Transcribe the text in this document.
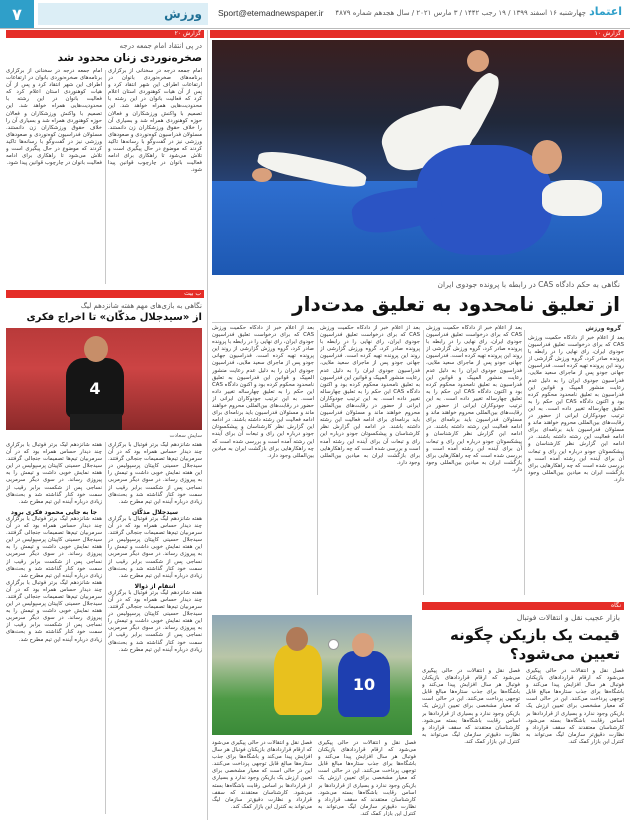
۷	ورزش	Sport@etemadnewspaper.ir چهارشنبه ۱۶ اسفند ۱۳۹۹ / ۱۹ رجب ۱۴۴۲ / ۳ مارس ۲۰۲۱ / سال هجدهم شماره ۴۸۷۹ اعتماد
گزارش ۱۰
گزارش ۲۰
نگاهی به حکم دادگاه CAS در رابطه با پرونده جودوی ایران
از تعلیق نامحدود به تعلیق مدت‌دار
گروه ورزش

بعد از اعلام خبر از دادگاه حکمیت ورزش CAS که برای درخواست تعلیق فدراسیون جودوی ایران، رای نهایی را در رابطه با پرونده صادر کرد، گروه ورزش گزارشی از روند این پرونده تهیه کرده است. فدراسیون جهانی جودو پس از ماجرای سعید ملایی، فدراسیون جودوی ایران را به دلیل عدم رعایت منشور المپیک و قوانین این فدراسیون به تعلیق نامحدود محکوم کرده بود و اکنون دادگاه CAS این حکم را به تعلیق چهارساله تغییر داده است. به این ترتیب جودوکاران ایرانی از حضور در رقابت‌های بین‌المللی محروم خواهند ماند و مسئولان فدراسیون باید برنامه‌ای برای ادامه فعالیت این رشته داشته باشند. در ادامه این گزارش نظر کارشناسان و پیشکسوتان جودو درباره این رای و تبعات آن برای آینده این رشته آمده است و بررسی شده است که چه راهکارهایی برای بازگشت ایران به میادین بین‌المللی وجود دارد.

بعد از اعلام خبر از دادگاه حکمیت ورزش CAS که برای درخواست تعلیق فدراسیون جودوی ایران، رای نهایی را در رابطه با پرونده صادر کرد، گروه ورزش گزارشی از روند این پرونده تهیه کرده است. فدراسیون جهانی جودو پس از ماجرای سعید ملایی، فدراسیون جودوی ایران را به دلیل عدم رعایت منشور المپیک و قوانین این فدراسیون به تعلیق نامحدود محکوم کرده بود و اکنون دادگاه CAS این حکم را به تعلیق چهارساله تغییر داده است. به این ترتیب جودوکاران ایرانی از حضور در رقابت‌های بین‌المللی محروم خواهند ماند و مسئولان فدراسیون باید برنامه‌ای برای ادامه فعالیت این رشته داشته باشند. در ادامه این گزارش نظر کارشناسان و پیشکسوتان جودو درباره این رای و تبعات آن برای آینده این رشته آمده است و بررسی شده است که چه راهکارهایی برای بازگشت ایران به میادین بین‌المللی وجود دارد.

بعد از اعلام خبر از دادگاه حکمیت ورزش CAS که برای درخواست تعلیق فدراسیون جودوی ایران، رای نهایی را در رابطه با پرونده صادر کرد، گروه ورزش گزارشی از روند این پرونده تهیه کرده است. فدراسیون جهانی جودو پس از ماجرای سعید ملایی، فدراسیون جودوی ایران را به دلیل عدم رعایت منشور المپیک و قوانین این فدراسیون به تعلیق نامحدود محکوم کرده بود و اکنون دادگاه CAS این حکم را به تعلیق چهارساله تغییر داده است. به این ترتیب جودوکاران ایرانی از حضور در رقابت‌های بین‌المللی محروم خواهند ماند و مسئولان فدراسیون باید برنامه‌ای برای ادامه فعالیت این رشته داشته باشند. در ادامه این گزارش نظر کارشناسان و پیشکسوتان جودو درباره این رای و تبعات آن برای آینده این رشته آمده است و بررسی شده است که چه راهکارهایی برای بازگشت ایران به میادین بین‌المللی وجود دارد.

بعد از اعلام خبر از دادگاه حکمیت ورزش CAS که برای درخواست تعلیق فدراسیون جودوی ایران، رای نهایی را در رابطه با پرونده صادر کرد، گروه ورزش گزارشی از روند این پرونده تهیه کرده است. فدراسیون جهانی جودو پس از ماجرای سعید ملایی، فدراسیون جودوی ایران را به دلیل عدم رعایت منشور المپیک و قوانین این فدراسیون به تعلیق نامحدود محکوم کرده بود و اکنون دادگاه CAS این حکم را به تعلیق چهارساله تغییر داده است. به این ترتیب جودوکاران ایرانی از حضور در رقابت‌های بین‌المللی محروم خواهند ماند و مسئولان فدراسیون باید برنامه‌ای برای ادامه فعالیت این رشته داشته باشند. در ادامه این گزارش نظر کارشناسان و پیشکسوتان جودو درباره این رای و تبعات آن برای آینده این رشته آمده است و بررسی شده است که چه راهکارهایی برای بازگشت ایران به میادین بین‌المللی وجود دارد.

نگاه
بازار عجیب نقل و انتقالات فوتبال
قیمت یک بازیکن چگونه تعیین می‌شود؟
10

فصل نقل و انتقالات در حالی پیگیری می‌شود که ارقام قراردادهای بازیکنان فوتبال هر سال افزایش پیدا می‌کند و باشگاه‌ها برای جذب ستاره‌ها مبالغ قابل توجهی پرداخت می‌کنند. این در حالی است که معیار مشخصی برای تعیین ارزش یک بازیکن وجود ندارد و بسیاری از قراردادها بر اساس رقابت باشگاه‌ها بسته می‌شود. کارشناسان معتقدند که سقف قرارداد و نظارت دقیق‌تر سازمان لیگ می‌تواند به کنترل این بازار کمک کند.

فصل نقل و انتقالات در حالی پیگیری می‌شود که ارقام قراردادهای بازیکنان فوتبال هر سال افزایش پیدا می‌کند و باشگاه‌ها برای جذب ستاره‌ها مبالغ قابل توجهی پرداخت می‌کنند. این در حالی است که معیار مشخصی برای تعیین ارزش یک بازیکن وجود ندارد و بسیاری از قراردادها بر اساس رقابت باشگاه‌ها بسته می‌شود. کارشناسان معتقدند که سقف قرارداد و نظارت دقیق‌تر سازمان لیگ می‌تواند به کنترل این بازار کمک کند.

فصل نقل و انتقالات در حالی پیگیری می‌شود که ارقام قراردادهای بازیکنان فوتبال هر سال افزایش پیدا می‌کند و باشگاه‌ها برای جذب ستاره‌ها مبالغ قابل توجهی پرداخت می‌کنند. این در حالی است که معیار مشخصی برای تعیین ارزش یک بازیکن وجود ندارد و بسیاری از قراردادها بر اساس رقابت باشگاه‌ها بسته می‌شود. کارشناسان معتقدند که سقف قرارداد و نظارت دقیق‌تر سازمان لیگ می‌تواند به کنترل این بازار کمک کند.

فصل نقل و انتقالات در حالی پیگیری می‌شود که ارقام قراردادهای بازیکنان فوتبال هر سال افزایش پیدا می‌کند و باشگاه‌ها برای جذب ستاره‌ها مبالغ قابل توجهی پرداخت می‌کنند. این در حالی است که معیار مشخصی برای تعیین ارزش یک بازیکن وجود ندارد و بسیاری از قراردادها بر اساس رقابت باشگاه‌ها بسته می‌شود. کارشناسان معتقدند که سقف قرارداد و نظارت دقیق‌تر سازمان لیگ می‌تواند به کنترل این بازار کمک کند.

در پی انتقاد امام جمعه درجه
صخره‌نوردی زنان محدود شد

امام جمعه درجه در سخنانی از برگزاری برنامه‌های صخره‌نوردی بانوان در ارتفاعات اطراف این شهر انتقاد کرد و پس از آن هیات کوهنوردی استان اعلام کرد که فعالیت بانوان در این رشته با محدودیت‌هایی همراه خواهد شد. این تصمیم با واکنش ورزشکاران و فعالان حوزه کوهنوردی همراه شد و بسیاری آن را خلاف حقوق ورزشکاران زن دانستند. مسئولان فدراسیون کوه‌نوردی و صعودهای ورزشی نیز در گفت‌وگو با رسانه‌ها تاکید کردند که موضوع در حال پیگیری است و تلاش می‌شود تا راهکاری برای ادامه فعالیت بانوان در چارچوب قوانین پیدا شود.

امام جمعه درجه در سخنانی از برگزاری برنامه‌های صخره‌نوردی بانوان در ارتفاعات اطراف این شهر انتقاد کرد و پس از آن هیات کوهنوردی استان اعلام کرد که فعالیت بانوان در این رشته با محدودیت‌هایی همراه خواهد شد. این تصمیم با واکنش ورزشکاران و فعالان حوزه کوهنوردی همراه شد و بسیاری آن را خلاف حقوق ورزشکاران زن دانستند. مسئولان فدراسیون کوه‌نوردی و صعودهای ورزشی نیز در گفت‌وگو با رسانه‌ها تاکید کردند که موضوع در حال پیگیری است و تلاش می‌شود تا راهکاری برای ادامه فعالیت بانوان در چارچوب قوانین پیدا شود.

ب بیت
نگاهی به بازی‌های مهم هفته شانزدهم لیگ
از «سیدجلال مذکّان» تا اخراج فکری
4
سایش سعادت

هفته شانزدهم لیگ برتر فوتبال با برگزاری چند دیدار حساس همراه بود که در آن سرمربیان تیم‌ها تصمیمات جنجالی گرفتند. سیدجلال حسینی کاپیتان پرسپولیس در این هفته نمایش خوبی داشت و تیمش را به پیروزی رساند. در سوی دیگر سرمربی نساجی پس از شکست برابر رقیب از سمت خود کنار گذاشته شد و بحث‌های زیادی درباره آینده این تیم مطرح شد.

سیدجلال مذکّان

هفته شانزدهم لیگ برتر فوتبال با برگزاری چند دیدار حساس همراه بود که در آن سرمربیان تیم‌ها تصمیمات جنجالی گرفتند. سیدجلال حسینی کاپیتان پرسپولیس در این هفته نمایش خوبی داشت و تیمش را به پیروزی رساند. در سوی دیگر سرمربی نساجی پس از شکست برابر رقیب از سمت خود کنار گذاشته شد و بحث‌های زیادی درباره آینده این تیم مطرح شد.

انتقام از ذوالا

هفته شانزدهم لیگ برتر فوتبال با برگزاری چند دیدار حساس همراه بود که در آن سرمربیان تیم‌ها تصمیمات جنجالی گرفتند. سیدجلال حسینی کاپیتان پرسپولیس در این هفته نمایش خوبی داشت و تیمش را به پیروزی رساند. در سوی دیگر سرمربی نساجی پس از شکست برابر رقیب از سمت خود کنار گذاشته شد و بحث‌های زیادی درباره آینده این تیم مطرح شد.

هفته شانزدهم لیگ برتر فوتبال با برگزاری چند دیدار حساس همراه بود که در آن سرمربیان تیم‌ها تصمیمات جنجالی گرفتند. سیدجلال حسینی کاپیتان پرسپولیس در این هفته نمایش خوبی داشت و تیمش را به پیروزی رساند. در سوی دیگر سرمربی نساجی پس از شکست برابر رقیب از سمت خود کنار گذاشته شد و بحث‌های زیادی درباره آینده این تیم مطرح شد.

جا به جایی محمود فکری برود

هفته شانزدهم لیگ برتر فوتبال با برگزاری چند دیدار حساس همراه بود که در آن سرمربیان تیم‌ها تصمیمات جنجالی گرفتند. سیدجلال حسینی کاپیتان پرسپولیس در این هفته نمایش خوبی داشت و تیمش را به پیروزی رساند. در سوی دیگر سرمربی نساجی پس از شکست برابر رقیب از سمت خود کنار گذاشته شد و بحث‌های زیادی درباره آینده این تیم مطرح شد.

هفته شانزدهم لیگ برتر فوتبال با برگزاری چند دیدار حساس همراه بود که در آن سرمربیان تیم‌ها تصمیمات جنجالی گرفتند. سیدجلال حسینی کاپیتان پرسپولیس در این هفته نمایش خوبی داشت و تیمش را به پیروزی رساند. در سوی دیگر سرمربی نساجی پس از شکست برابر رقیب از سمت خود کنار گذاشته شد و بحث‌های زیادی درباره آینده این تیم مطرح شد.
